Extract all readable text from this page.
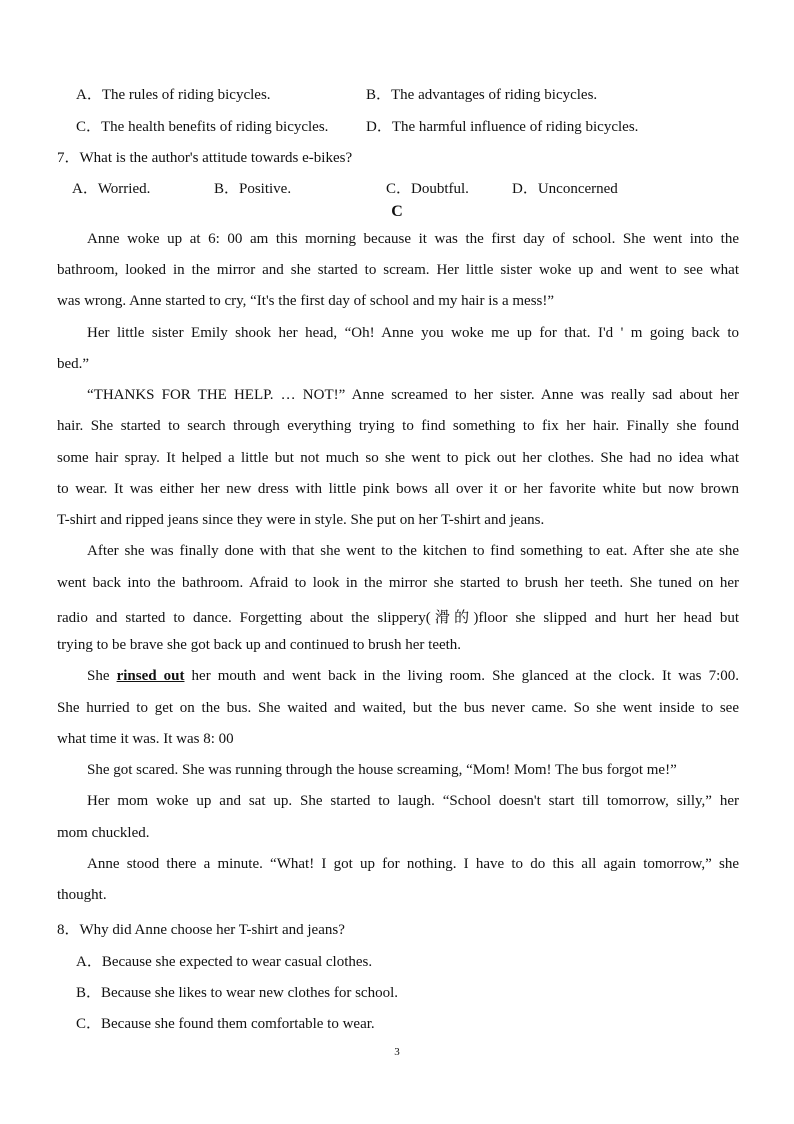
A．The rules of riding bicycles.	B．The advantages of riding bicycles.
C．The health benefits of riding bicycles.	D．The harmful influence of riding bicycles.
7．What is the author's attitude towards e-bikes?
A．Worried.	B．Positive.	C．Doubtful.	D．Unconcerned
C
Anne woke up at 6: 00 am this morning because it was the first day of school. She went into the
bathroom, looked in the mirror and she started to scream. Her little sister woke up and went to see what
was wrong. Anne started to cry, “It's the first day of school and my hair is a mess!”
Her little sister Emily shook her head, “Oh! Anne you woke me up for that. I'd ' m going back to
bed.”
“THANKS FOR THE HELP. … NOT!” Anne screamed to her sister. Anne was really sad about her
hair. She started to search through everything trying to find something to fix her hair. Finally she found
some hair spray. It helped a little but not much so she went to pick out her clothes. She had no idea what
to wear. It was either her new dress with little pink bows all over it or her favorite white but now brown
T-shirt and ripped jeans since they were in style. She put on her T-shirt and jeans.
After she was finally done with that she went to the kitchen to find something to eat. After she ate she
went back into the bathroom. Afraid to look in the mirror she started to brush her teeth. She tuned on her
radio and started to dance. Forgetting about the slippery(滑的)floor she slipped and hurt her head but
trying to be brave she got back up and continued to brush her teeth.
She rinsed out her mouth and went back in the living room. She glanced at the clock. It was 7:00.
She hurried to get on the bus. She waited and waited, but the bus never came. So she went inside to see
what time it was. It was 8: 00
She got scared. She was running through the house screaming, “Mom! Mom! The bus forgot me!”
Her mom woke up and sat up. She started to laugh. “School doesn't start till tomorrow, silly,” her
mom chuckled.
Anne stood there a minute. “What! I got up for nothing. I have to do this all again tomorrow,” she
thought.
8．Why did Anne choose her T-shirt and jeans?
A．Because she expected to wear casual clothes.
B．Because she likes to wear new clothes for school.
C．Because she found them comfortable to wear.
3
